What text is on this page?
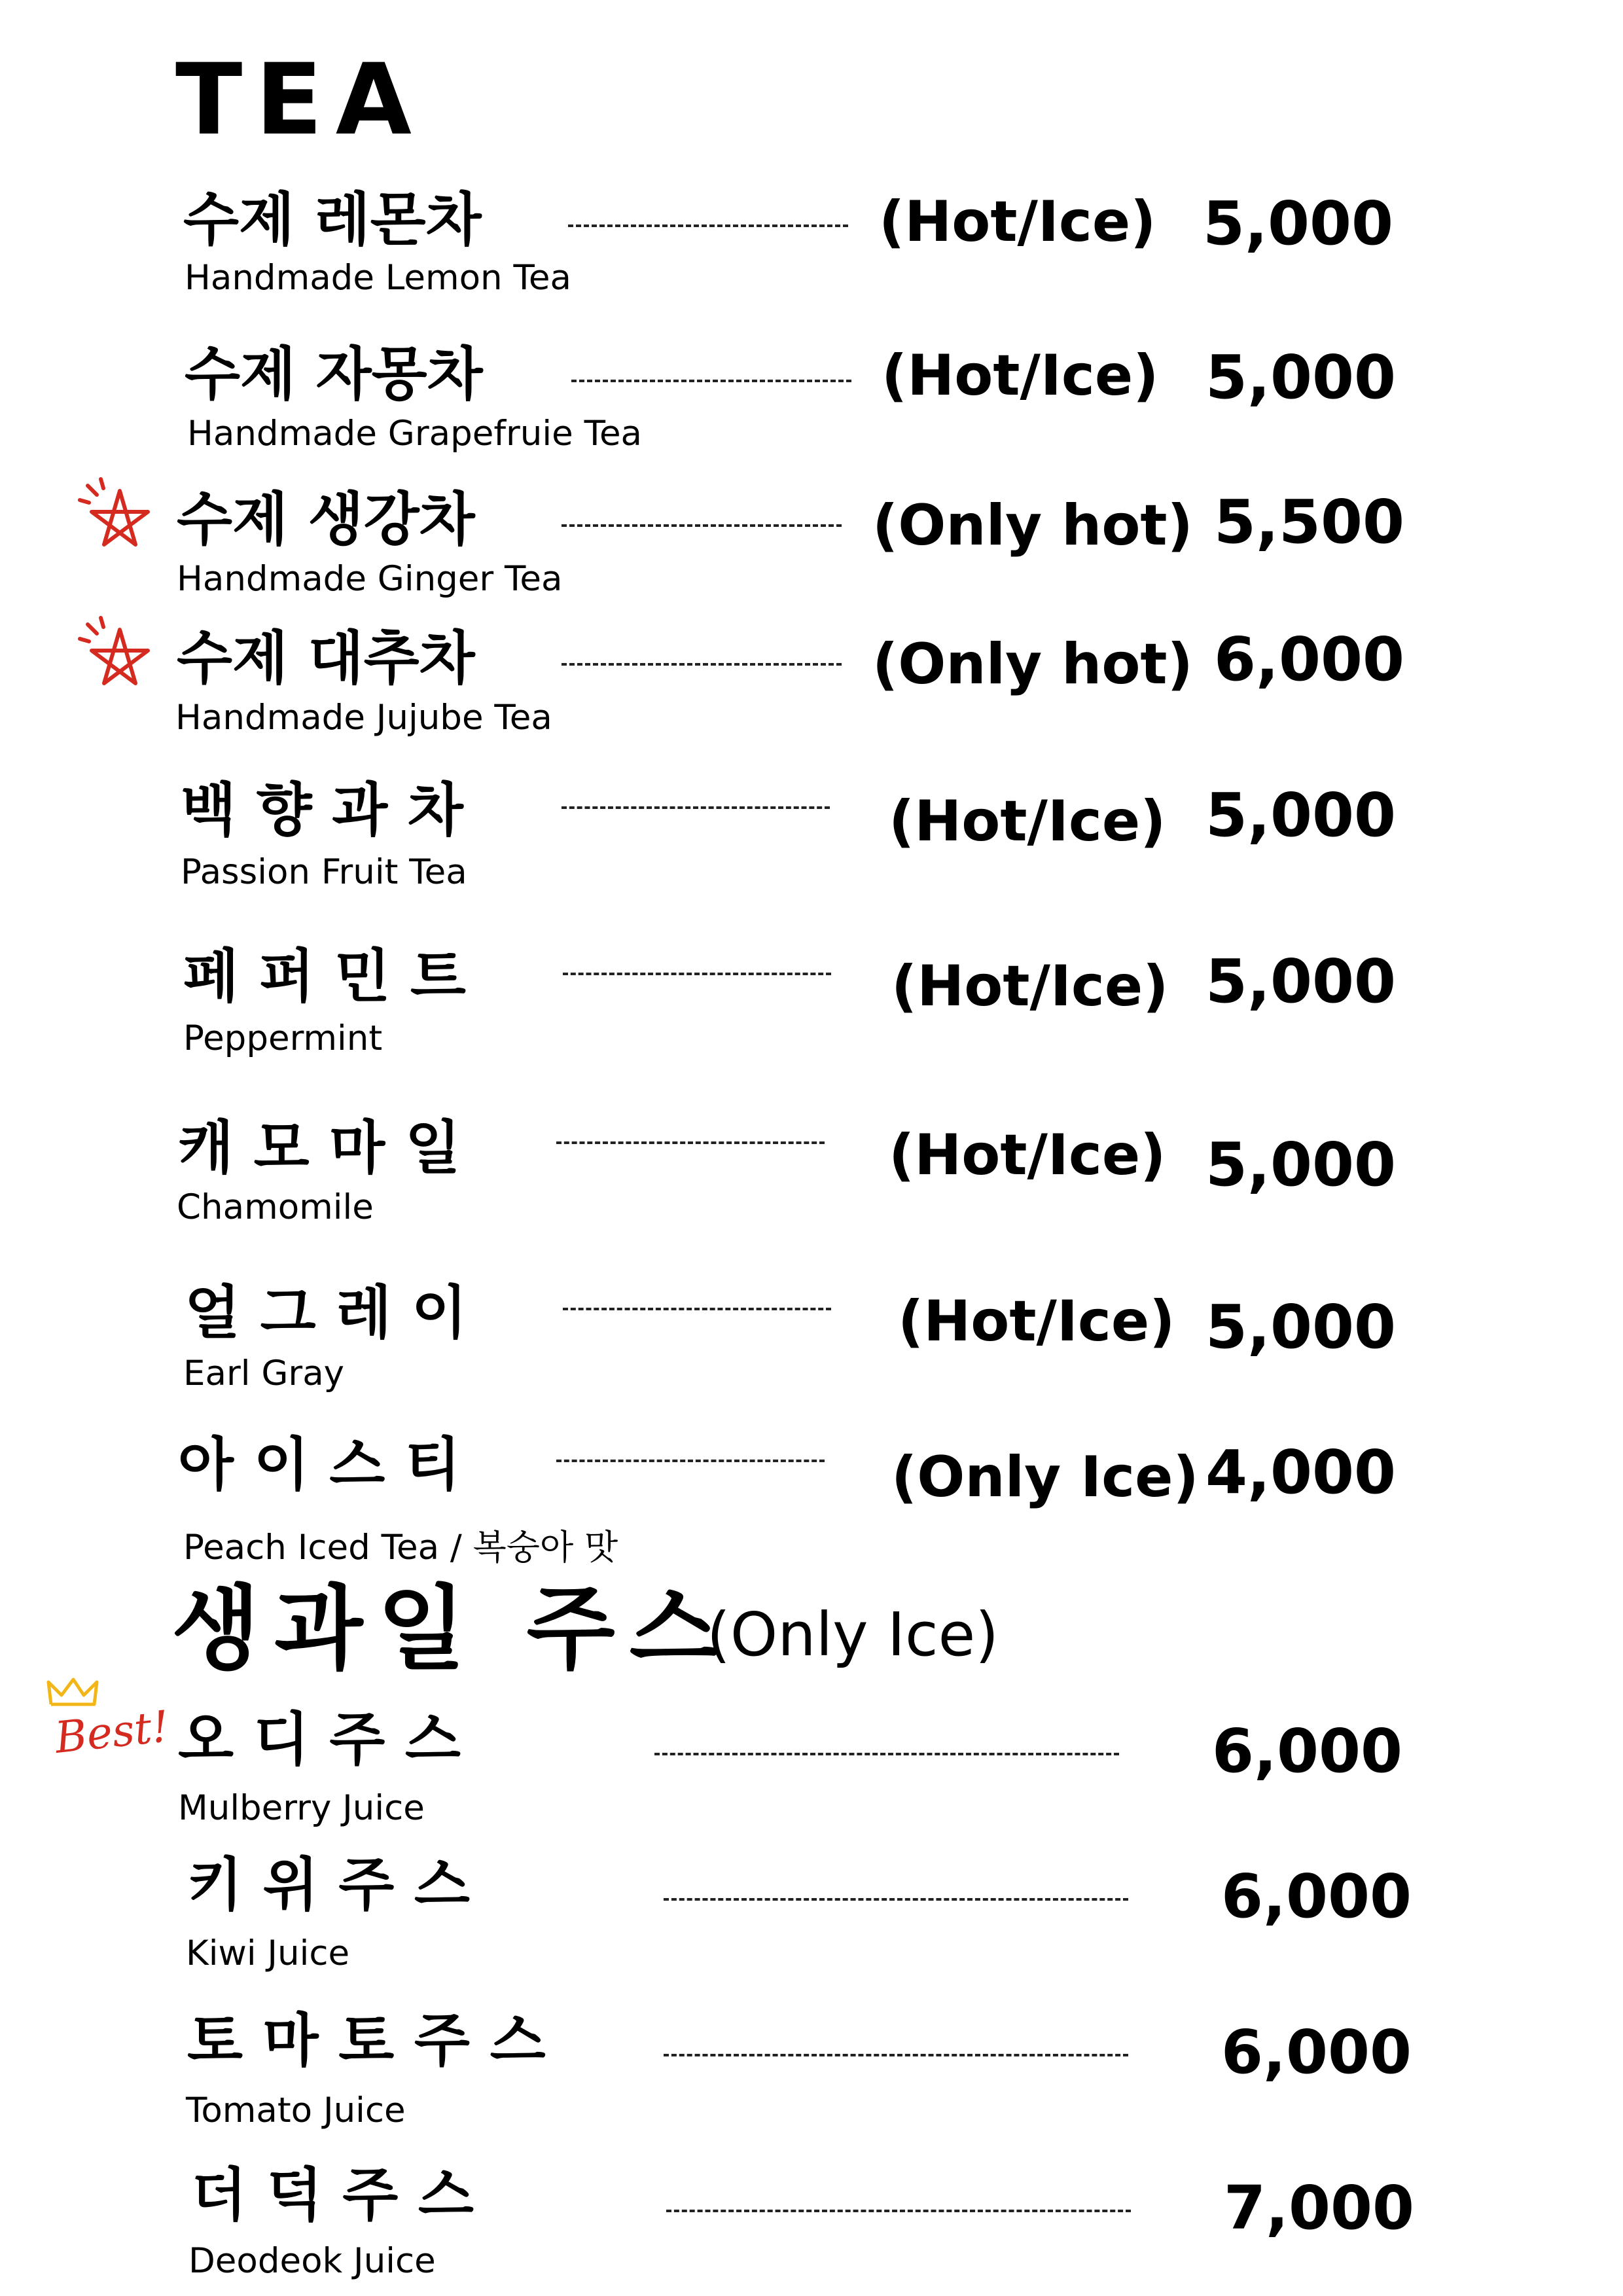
TEA
수제 레몬차
Handmade Lemon Tea
(Hot/Ice) 5,000
수제 자몽차
Handmade Grapefruie Tea
(Hot/Ice) 5,000
수제 생강차
Handmade Ginger Tea
(Only hot) 5,500
수제 대추차
Handmade Jujube Tea
(Only hot) 6,000
백 향 과 차
Passion Fruit Tea
(Hot/Ice) 5,000
페 퍼 민 트
Peppermint
(Hot/Ice) 5,000
캐 모 마 일
Chamomile
(Hot/Ice) 5,000
얼 그 레 이
Earl Gray
(Hot/Ice) 5,000
아 이 스 티
Peach Iced Tea / 복숭아 맛
(Only Ice) 4,000
생과일 주스
(Only Ice)
Best! 오 디 주 스
Mulberry Juice
6,000
키 위 주 스
Kiwi Juice
6,000
토 마 토 주 스
Tomato Juice
6,000
더 덕 주 스
Deodeok Juice
7,000
